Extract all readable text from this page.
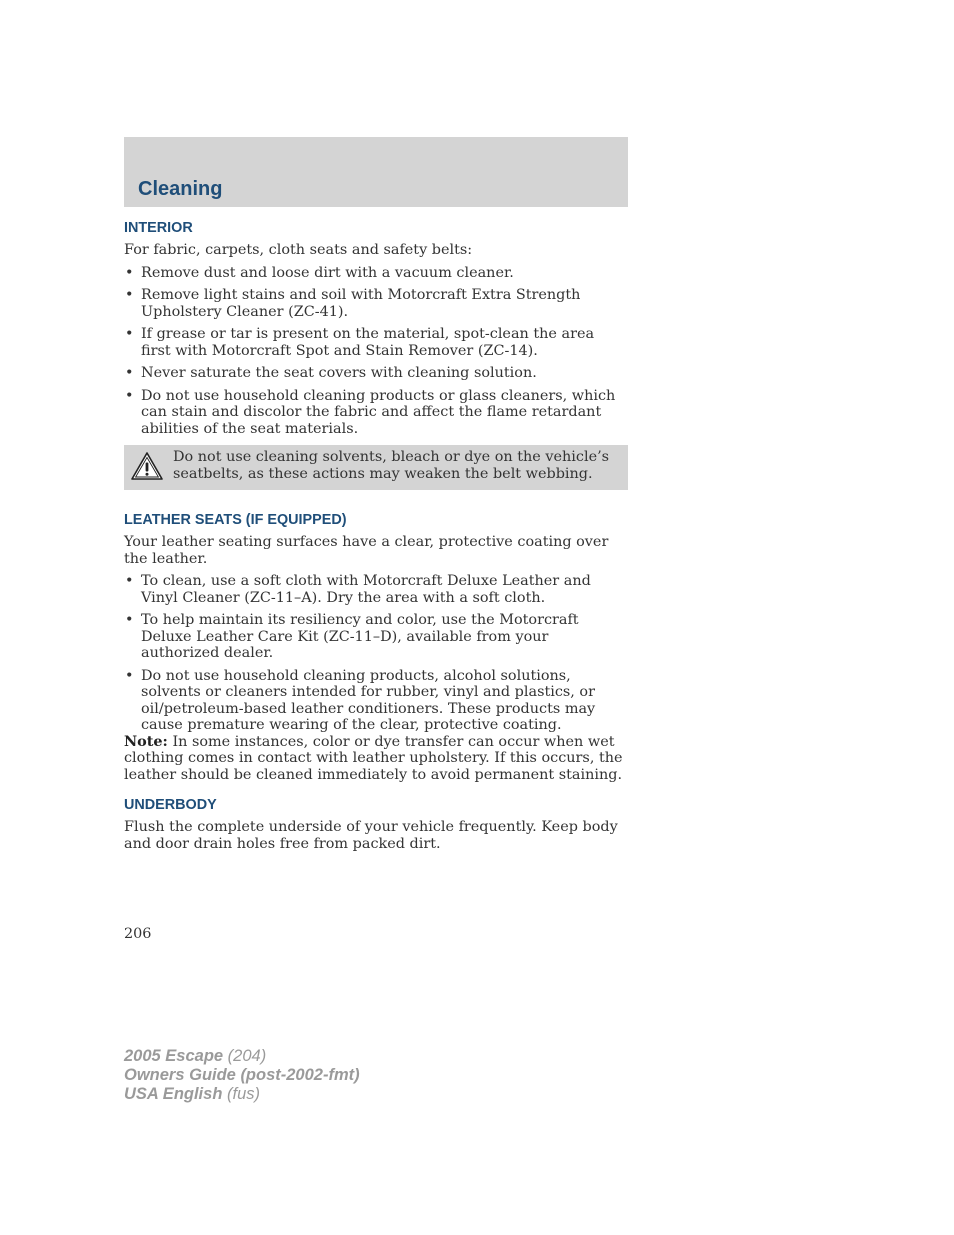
Cleaning
INTERIOR

For fabric, carpets, cloth seats and safety belts:

• Remove dust and loose dirt with a vacuum cleaner.
• Remove light stains and soil with Motorcraft Extra Strength Upholstery Cleaner (ZC-41).
• If grease or tar is present on the material, spot-clean the area first with Motorcraft Spot and Stain Remover (ZC-14).
• Never saturate the seat covers with cleaning solution.
• Do not use household cleaning products or glass cleaners, which can stain and discolor the fabric and affect the flame retardant abilities of the seat materials.
Do not use cleaning solvents, bleach or dye on the vehicle’s seatbelts, as these actions may weaken the belt webbing.
LEATHER SEATS (IF EQUIPPED)

Your leather seating surfaces have a clear, protective coating over the leather.

• To clean, use a soft cloth with Motorcraft Deluxe Leather and Vinyl Cleaner (ZC-11–A). Dry the area with a soft cloth.
• To help maintain its resiliency and color, use the Motorcraft Deluxe Leather Care Kit (ZC-11–D), available from your authorized dealer.
• Do not use household cleaning products, alcohol solutions, solvents or cleaners intended for rubber, vinyl and plastics, or oil/petroleum-based leather conditioners. These products may cause premature wearing of the clear, protective coating.

Note: In some instances, color or dye transfer can occur when wet clothing comes in contact with leather upholstery. If this occurs, the leather should be cleaned immediately to avoid permanent staining.

UNDERBODY

Flush the complete underside of your vehicle frequently. Keep body and door drain holes free from packed dirt.

206

2005 Escape (204)
Owners Guide (post-2002-fmt)
USA English (fus)
